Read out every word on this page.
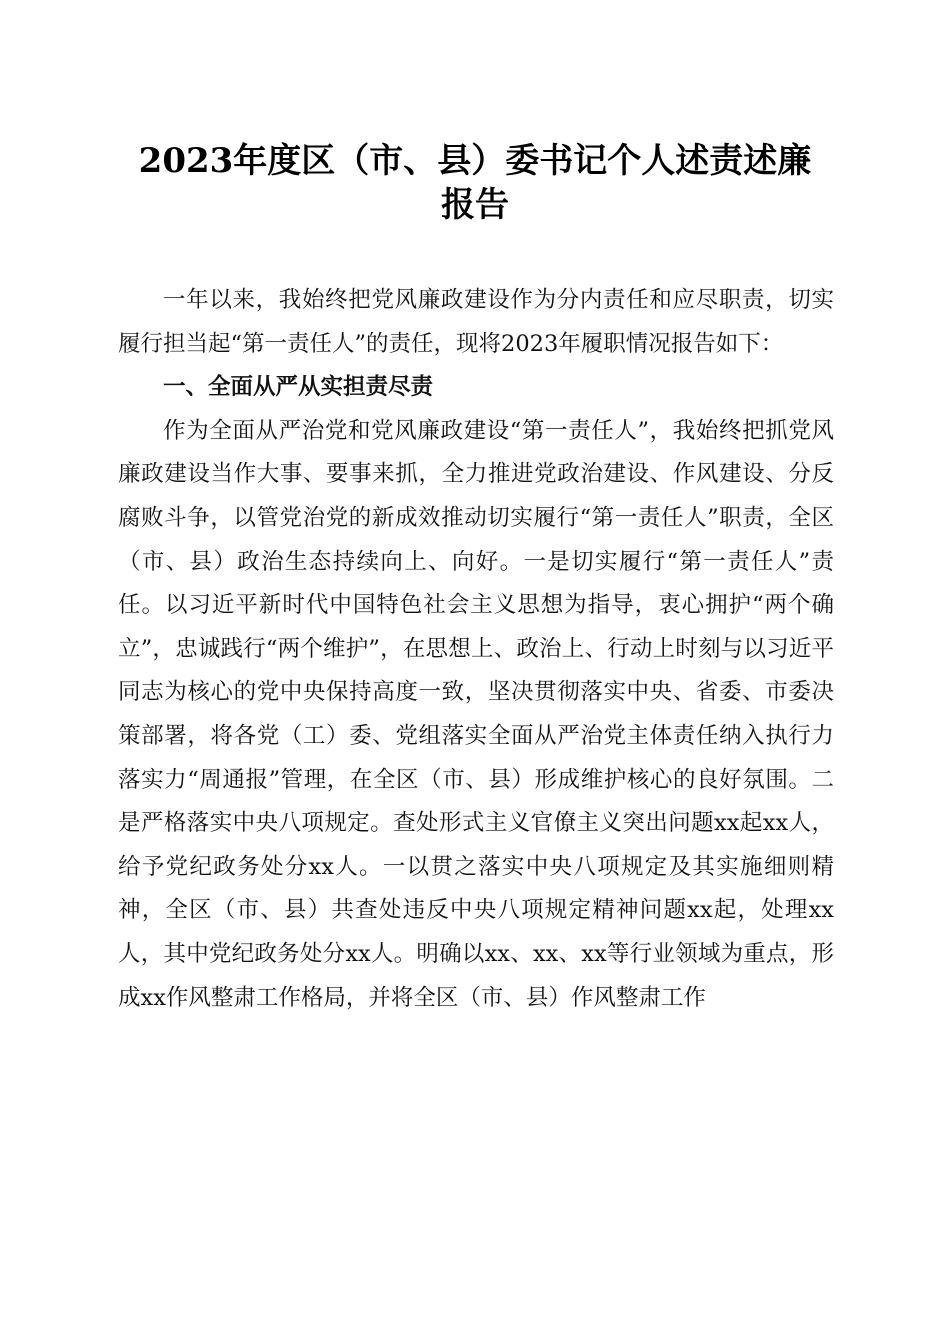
2023年度区（市、县）委书记个人述责述廉
报告

一年以来，我始终把党风廉政建设作为分内责任和应尽职责，切实履行担当起“第一责任人”的责任，现将2023年履职情况报告如下：

一、全面从严从实担责尽责

作为全面从严治党和党风廉政建设“第一责任人”，我始终把抓党风廉政建设当作大事、要事来抓，全力推进党政治建设、作风建设、分反腐败斗争，以管党治党的新成效推动切实履行“第一责任人”职责，全区（市、县）政治生态持续向上、向好。一是切实履行“第一责任人”责任。以习近平新时代中国特色社会主义思想为指导，衷心拥护“两个确立”，忠诚践行“两个维护”，在思想上、政治上、行动上时刻与以习近平同志为核心的党中央保持高度一致，坚决贯彻落实中央、省委、市委决策部署，将各党（工）委、党组落实全面从严治党主体责任纳入执行力落实力“周通报”管理，在全区（市、县）形成维护核心的良好氛围。二是严格落实中央八项规定。查处形式主义官僚主义突出问题xx起xx人，给予党纪政务处分xx人。一以贯之落实中央八项规定及其实施细则精神，全区（市、县）共查处违反中央八项规定精神问题xx起，处理xx人，其中党纪政务处分xx人。明确以xx、xx、xx等行业领域为重点，形成xx作风整肃工作格局，并将全区（市、县）作风整肃工作
